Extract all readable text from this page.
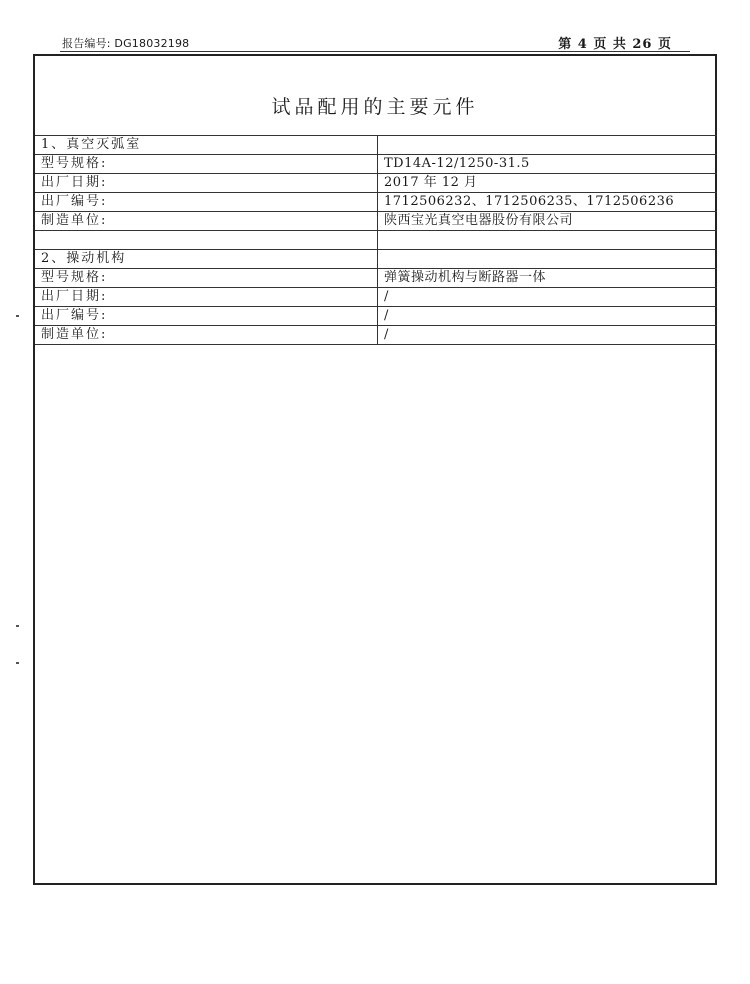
报告编号: DG18032198	第 4 页 共 26 页
试品配用的主要元件
1、真空灭弧室	
型号规格:	TD14A-12/1250-31.5
出厂日期:	2017 年 12 月
出厂编号:	1712506232、1712506235、1712506236
制造单位:	陕西宝光真空电器股份有限公司

2、操动机构	
型号规格:	弹簧操动机构与断路器一体
出厂日期:	/
出厂编号:	/
制造单位:	/
